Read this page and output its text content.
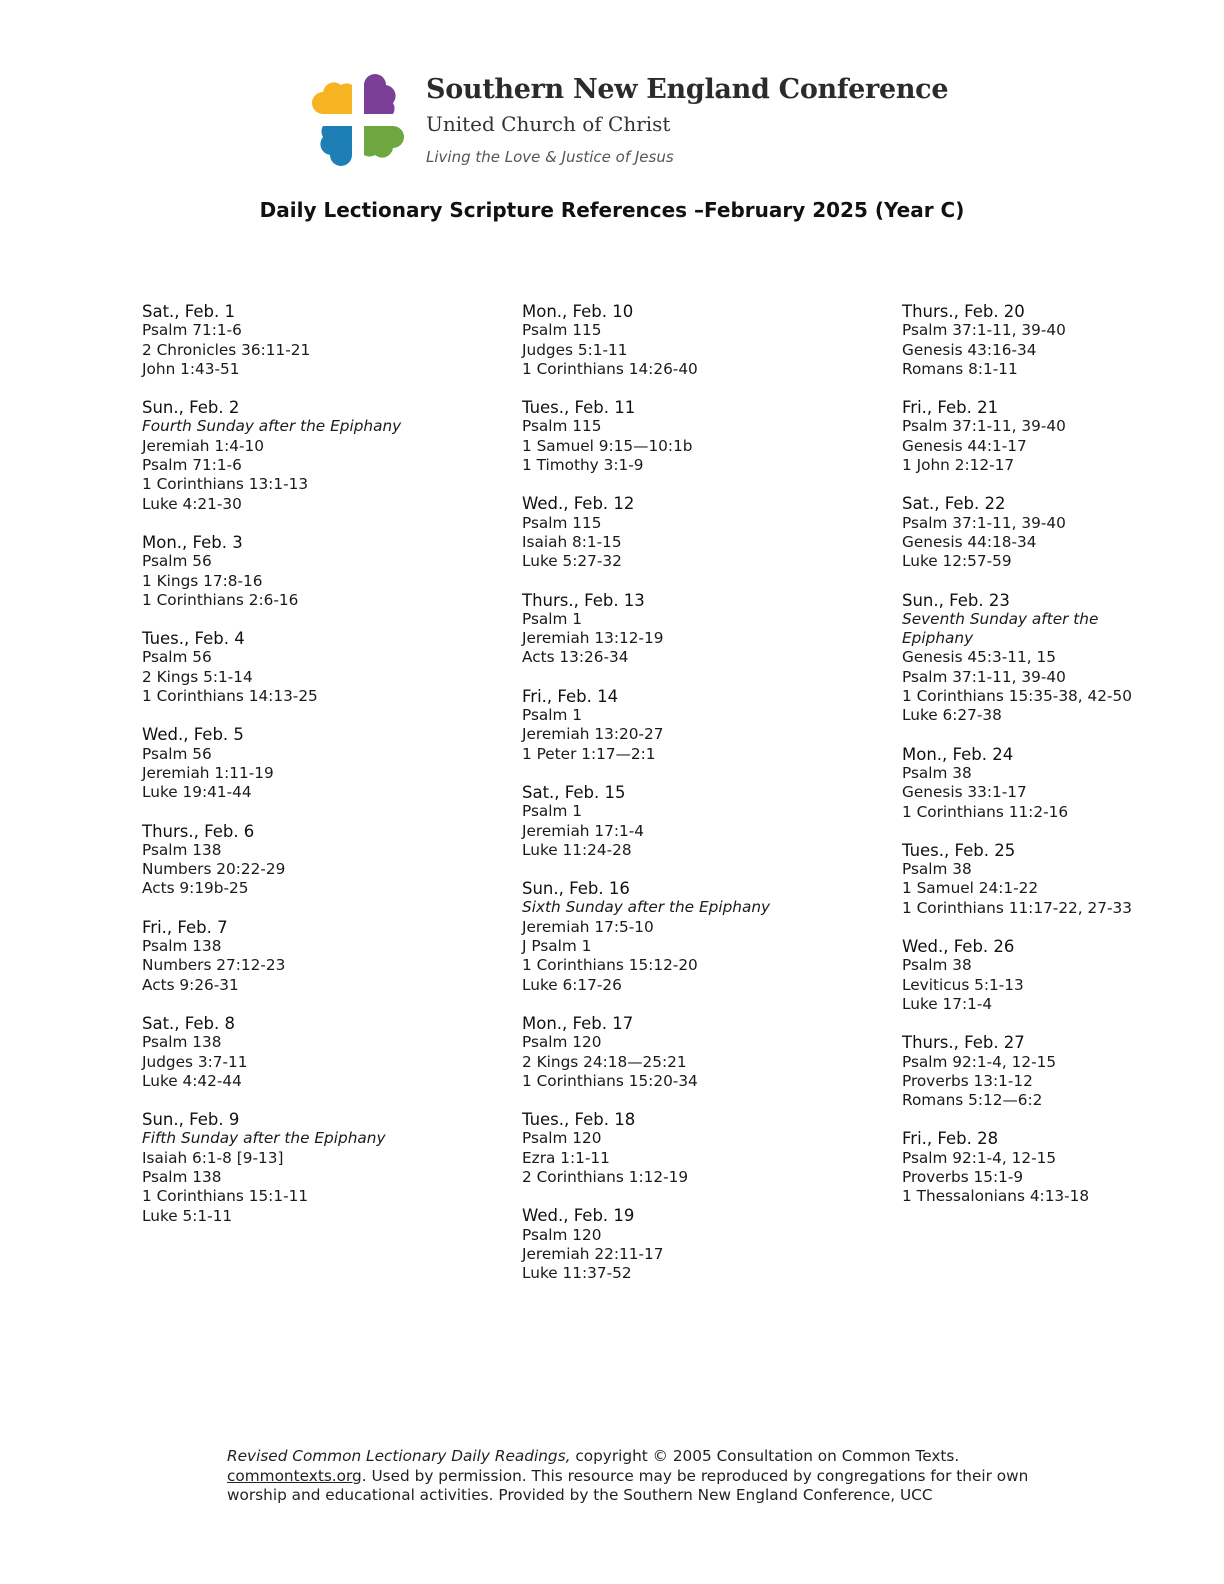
Southern New England Conference
United Church of Christ
Living the Love & Justice of Jesus
Daily Lectionary Scripture References –February 2025 (Year C)
Sat., Feb. 1
Psalm 71:1-6
2 Chronicles 36:11-21
John 1:43-51
Sun., Feb. 2
Fourth Sunday after the Epiphany
Jeremiah 1:4-10
Psalm 71:1-6
1 Corinthians 13:1-13
Luke 4:21-30
Mon., Feb. 3
Psalm 56
1 Kings 17:8-16
1 Corinthians 2:6-16
Tues., Feb. 4
Psalm 56
2 Kings 5:1-14
1 Corinthians 14:13-25
Wed., Feb. 5
Psalm 56
Jeremiah 1:11-19
Luke 19:41-44
Thurs., Feb. 6
Psalm 138
Numbers 20:22-29
Acts 9:19b-25
Fri., Feb. 7
Psalm 138
Numbers 27:12-23
Acts 9:26-31
Sat., Feb. 8
Psalm 138
Judges 3:7-11
Luke 4:42-44
Sun., Feb. 9
Fifth Sunday after the Epiphany
Isaiah 6:1-8 [9-13]
Psalm 138
1 Corinthians 15:1-11
Luke 5:1-11
Mon., Feb. 10
Psalm 115
Judges 5:1-11
1 Corinthians 14:26-40
Tues., Feb. 11
Psalm 115
1 Samuel 9:15—10:1b
1 Timothy 3:1-9
Wed., Feb. 12
Psalm 115
Isaiah 8:1-15
Luke 5:27-32
Thurs., Feb. 13
Psalm 1
Jeremiah 13:12-19
Acts 13:26-34
Fri., Feb. 14
Psalm 1
Jeremiah 13:20-27
1 Peter 1:17—2:1
Sat., Feb. 15
Psalm 1
Jeremiah 17:1-4
Luke 11:24-28
Sun., Feb. 16
Sixth Sunday after the Epiphany
Jeremiah 17:5-10
J Psalm 1
1 Corinthians 15:12-20
Luke 6:17-26
Mon., Feb. 17
Psalm 120
2 Kings 24:18—25:21
1 Corinthians 15:20-34
Tues., Feb. 18
Psalm 120
Ezra 1:1-11
2 Corinthians 1:12-19
Wed., Feb. 19
Psalm 120
Jeremiah 22:11-17
Luke 11:37-52
Thurs., Feb. 20
Psalm 37:1-11, 39-40
Genesis 43:16-34
Romans 8:1-11
Fri., Feb. 21
Psalm 37:1-11, 39-40
Genesis 44:1-17
1 John 2:12-17
Sat., Feb. 22
Psalm 37:1-11, 39-40
Genesis 44:18-34
Luke 12:57-59
Sun., Feb. 23
Seventh Sunday after the Epiphany
Genesis 45:3-11, 15
Psalm 37:1-11, 39-40
1 Corinthians 15:35-38, 42-50
Luke 6:27-38
Mon., Feb. 24
Psalm 38
Genesis 33:1-17
1 Corinthians 11:2-16
Tues., Feb. 25
Psalm 38
1 Samuel 24:1-22
1 Corinthians 11:17-22, 27-33
Wed., Feb. 26
Psalm 38
Leviticus 5:1-13
Luke 17:1-4
Thurs., Feb. 27
Psalm 92:1-4, 12-15
Proverbs 13:1-12
Romans 5:12—6:2
Fri., Feb. 28
Psalm 92:1-4, 12-15
Proverbs 15:1-9
1 Thessalonians 4:13-18
Revised Common Lectionary Daily Readings, copyright © 2005 Consultation on Common Texts.
commontexts.org. Used by permission. This resource may be reproduced by congregations for their own worship and educational activities. Provided by the Southern New England Conference, UCC
